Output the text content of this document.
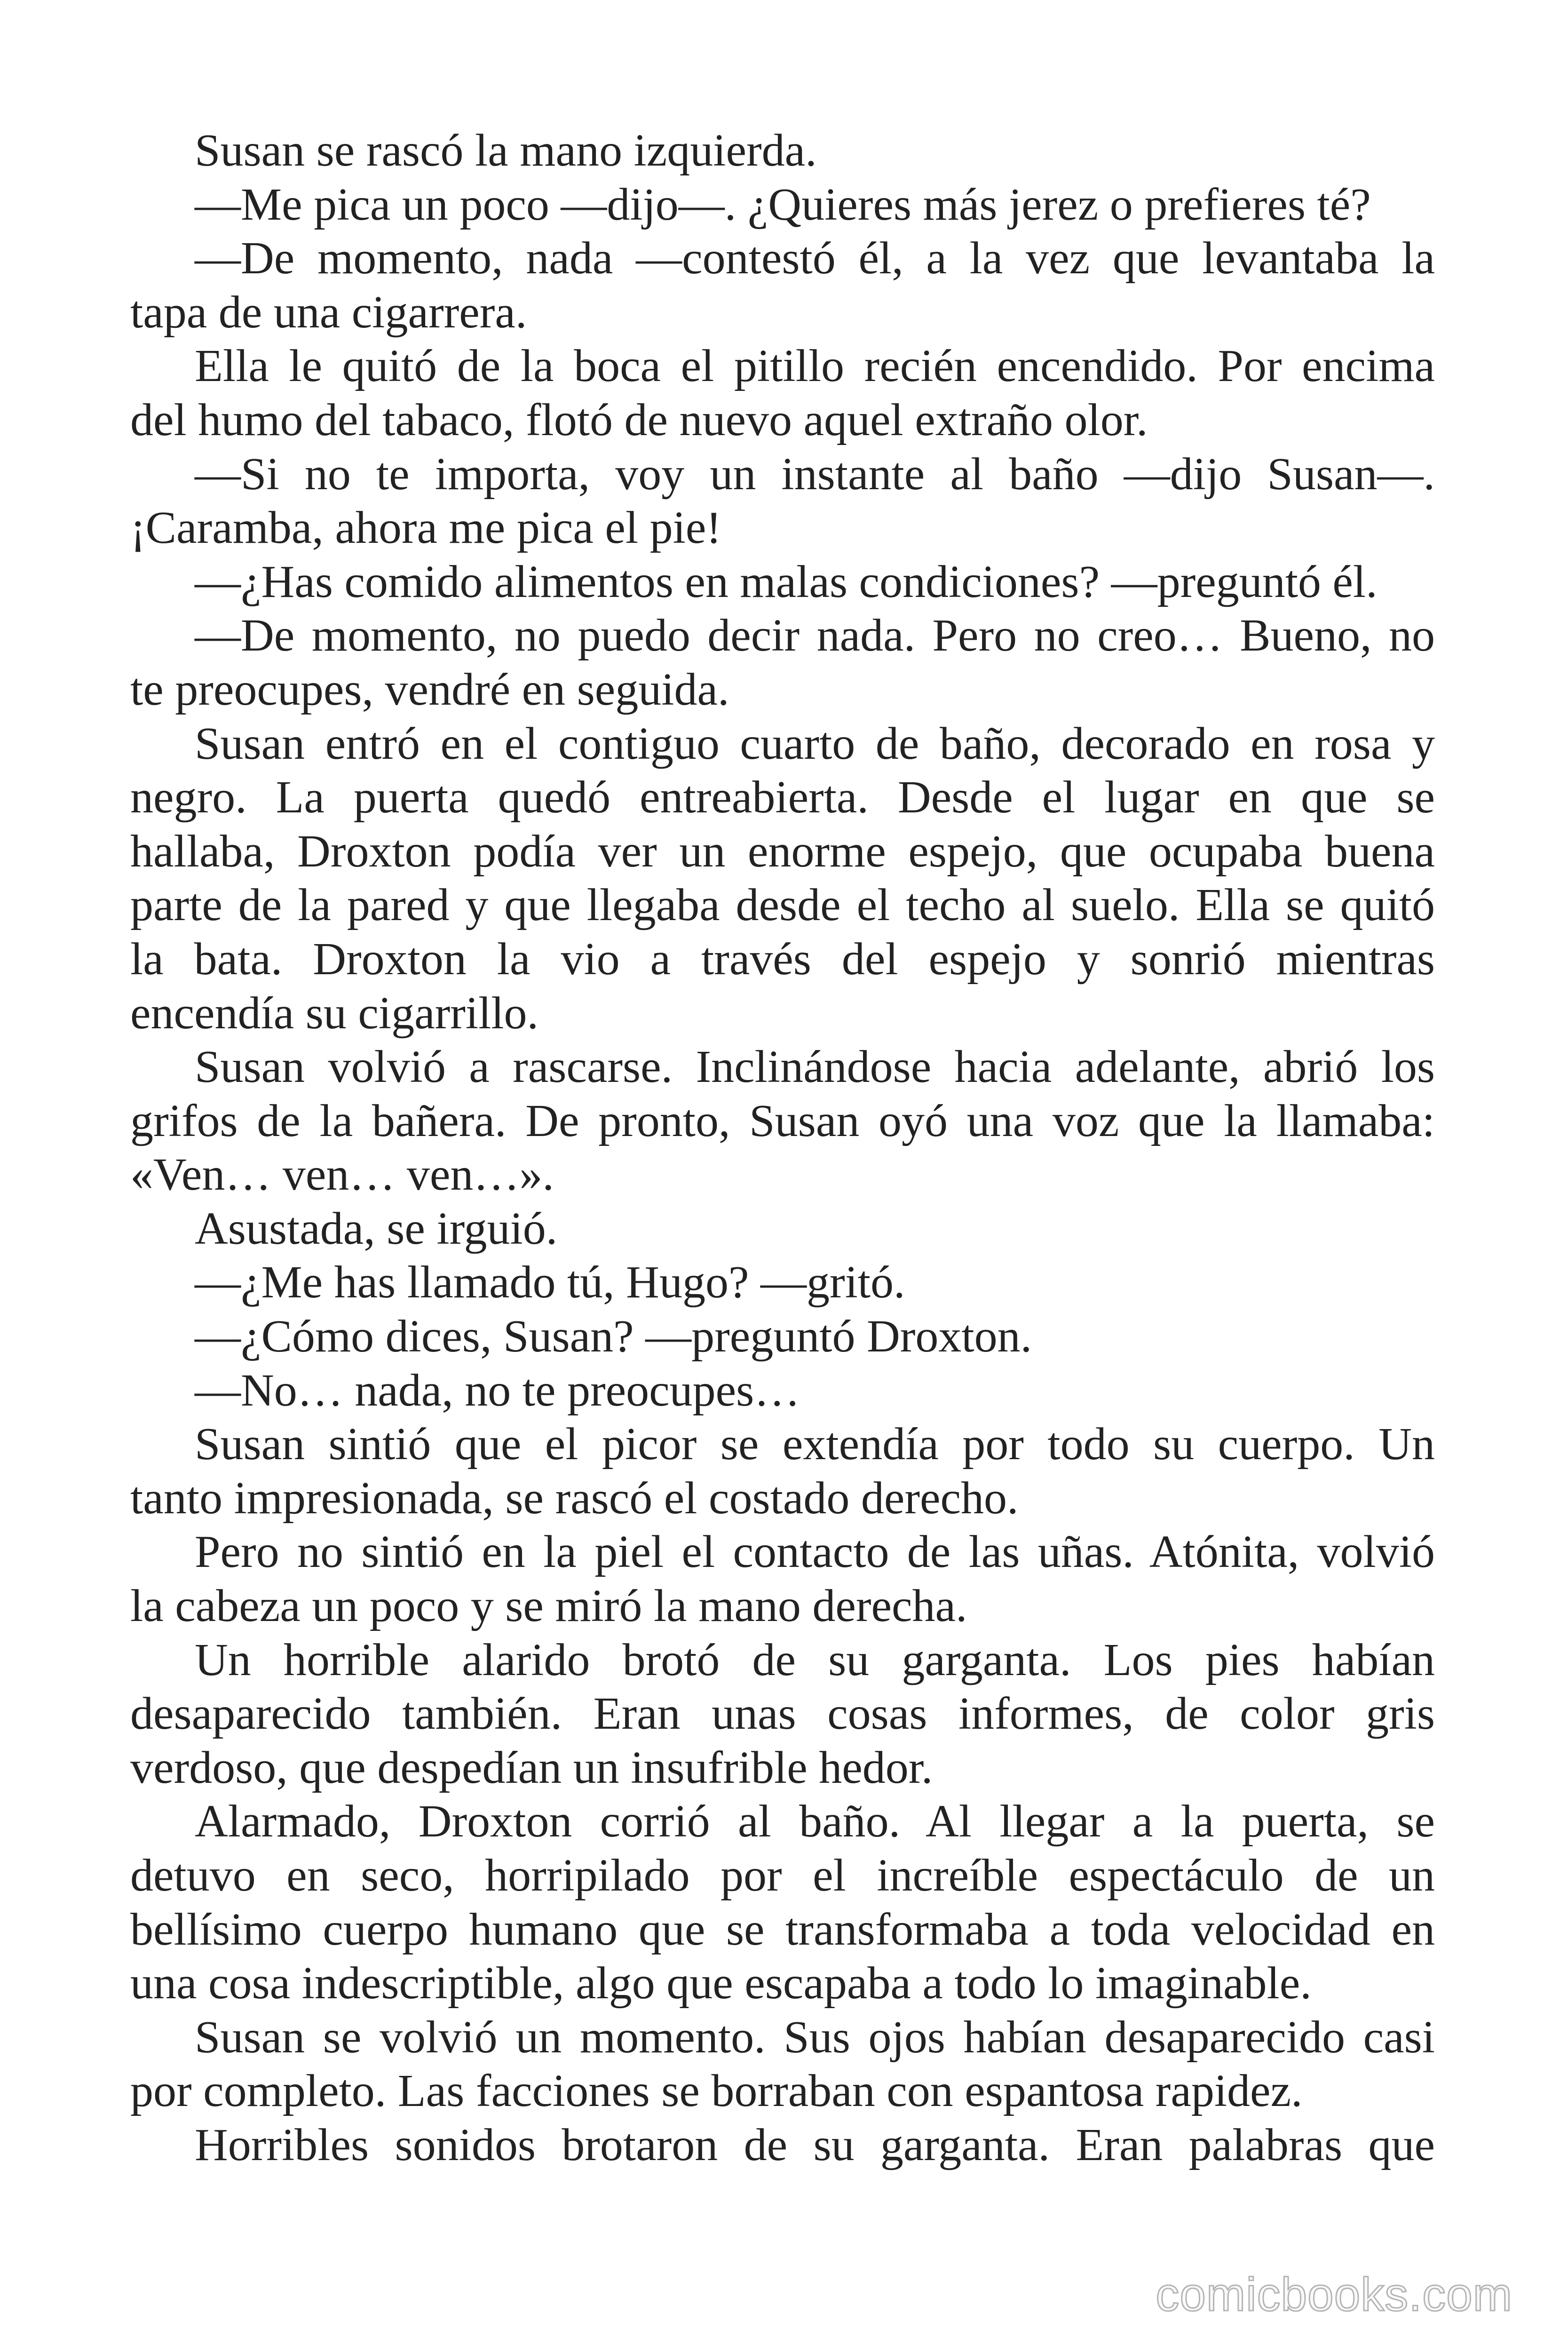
Susan se rascó la mano izquierda.
—Me pica un poco —dijo—. ¿Quieres más jerez o prefieres té?
—De momento, nada —contestó él, a la vez que levantaba la
tapa de una cigarrera.
Ella le quitó de la boca el pitillo recién encendido. Por encima
del humo del tabaco, flotó de nuevo aquel extraño olor.
—Si no te importa, voy un instante al baño —dijo Susan—.
¡Caramba, ahora me pica el pie!
—¿Has comido alimentos en malas condiciones? —preguntó él.
—De momento, no puedo decir nada. Pero no creo… Bueno, no
te preocupes, vendré en seguida.
Susan entró en el contiguo cuarto de baño, decorado en rosa y
negro. La puerta quedó entreabierta. Desde el lugar en que se
hallaba, Droxton podía ver un enorme espejo, que ocupaba buena
parte de la pared y que llegaba desde el techo al suelo. Ella se quitó
la bata. Droxton la vio a través del espejo y sonrió mientras
encendía su cigarrillo.
Susan volvió a rascarse. Inclinándose hacia adelante, abrió los
grifos de la bañera. De pronto, Susan oyó una voz que la llamaba:
«Ven… ven… ven…».
Asustada, se irguió.
—¿Me has llamado tú, Hugo? —gritó.
—¿Cómo dices, Susan? —preguntó Droxton.
—No… nada, no te preocupes…
Susan sintió que el picor se extendía por todo su cuerpo. Un
tanto impresionada, se rascó el costado derecho.
Pero no sintió en la piel el contacto de las uñas. Atónita, volvió
la cabeza un poco y se miró la mano derecha.
Un horrible alarido brotó de su garganta. Los pies habían
desaparecido también. Eran unas cosas informes, de color gris
verdoso, que despedían un insufrible hedor.
Alarmado, Droxton corrió al baño. Al llegar a la puerta, se
detuvo en seco, horripilado por el increíble espectáculo de un
bellísimo cuerpo humano que se transformaba a toda velocidad en
una cosa indescriptible, algo que escapaba a todo lo imaginable.
Susan se volvió un momento. Sus ojos habían desaparecido casi
por completo. Las facciones se borraban con espantosa rapidez.
Horribles sonidos brotaron de su garganta. Eran palabras que
comicbooks.com
